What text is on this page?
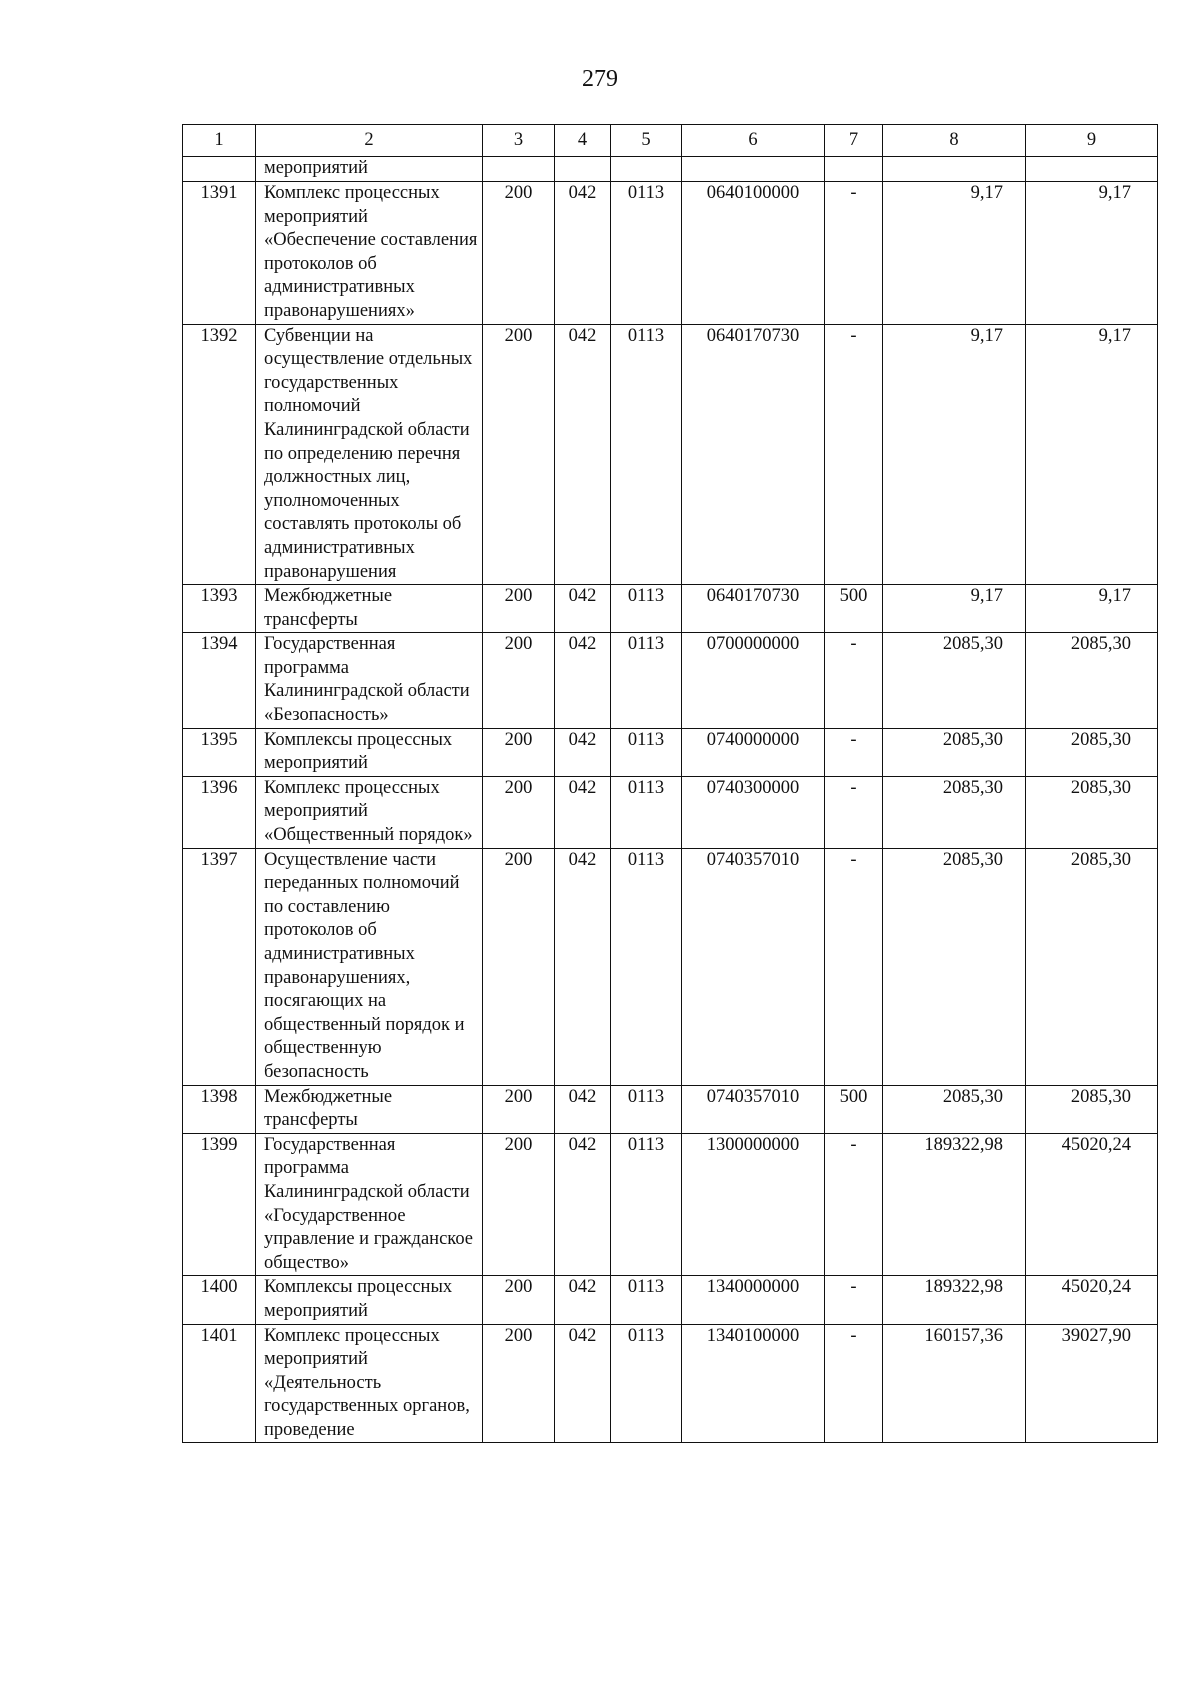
279
1	2	3	4	5	6	7	8	9
	мероприятий							
1391	Комплекс процессных мероприятий «Обеспечение составления протоколов об административных правонарушениях»	200	042	0113	0640100000	-	9,17	9,17
1392	Субвенции на осуществление отдельных государственных полномочий Калининградской области по определению перечня должностных лиц, уполномоченных составлять протоколы об административных правонарушения	200	042	0113	0640170730	-	9,17	9,17
1393	Межбюджетные трансферты	200	042	0113	0640170730	500	9,17	9,17
1394	Государственная программа Калининградской области «Безопасность»	200	042	0113	0700000000	-	2085,30	2085,30
1395	Комплексы процессных мероприятий	200	042	0113	0740000000	-	2085,30	2085,30
1396	Комплекс процессных мероприятий «Общественный порядок»	200	042	0113	0740300000	-	2085,30	2085,30
1397	Осуществление части переданных полномочий по составлению протоколов об административных правонарушениях, посягающих на общественный порядок и общественную безопасность	200	042	0113	0740357010	-	2085,30	2085,30
1398	Межбюджетные трансферты	200	042	0113	0740357010	500	2085,30	2085,30
1399	Государственная программа Калининградской области «Государственное управление и гражданское общество»	200	042	0113	1300000000	-	189322,98	45020,24
1400	Комплексы процессных мероприятий	200	042	0113	1340000000	-	189322,98	45020,24
1401	Комплекс процессных мероприятий «Деятельность государственных органов, проведение	200	042	0113	1340100000	-	160157,36	39027,90
